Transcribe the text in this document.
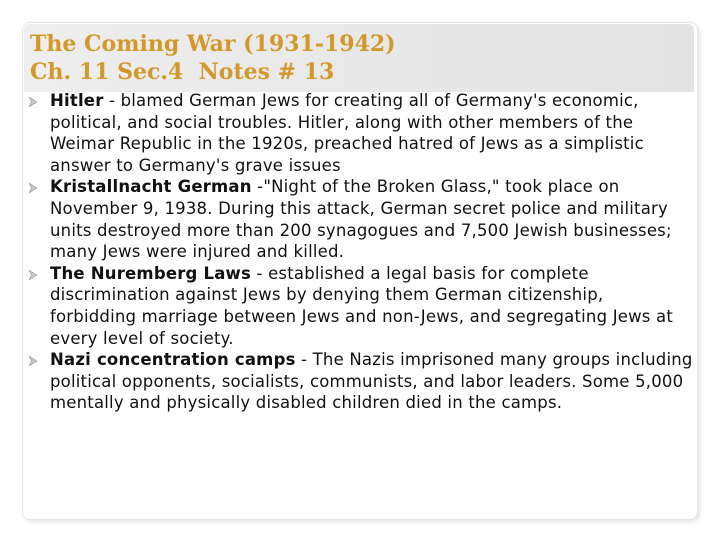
The Coming War (1931-1942)
Ch. 11 Sec.4  Notes # 13
Hitler - blamed German Jews for creating all of Germany's economic, political, and social troubles. Hitler, along with other members of the Weimar Republic in the 1920s, preached hatred of Jews as a simplistic answer to Germany's grave issues
Kristallnacht German -"Night of the Broken Glass," took place on November 9, 1938. During this attack, German secret police and military units destroyed more than 200 synagogues and 7,500 Jewish businesses; many Jews were injured and killed.
The Nuremberg Laws - established a legal basis for complete discrimination against Jews by denying them German citizenship, forbidding marriage between Jews and non-Jews, and segregating Jews at every level of society.
Nazi concentration camps - The Nazis imprisoned many groups including political opponents, socialists, communists, and labor leaders. Some 5,000 mentally and physically disabled children died in the camps.
